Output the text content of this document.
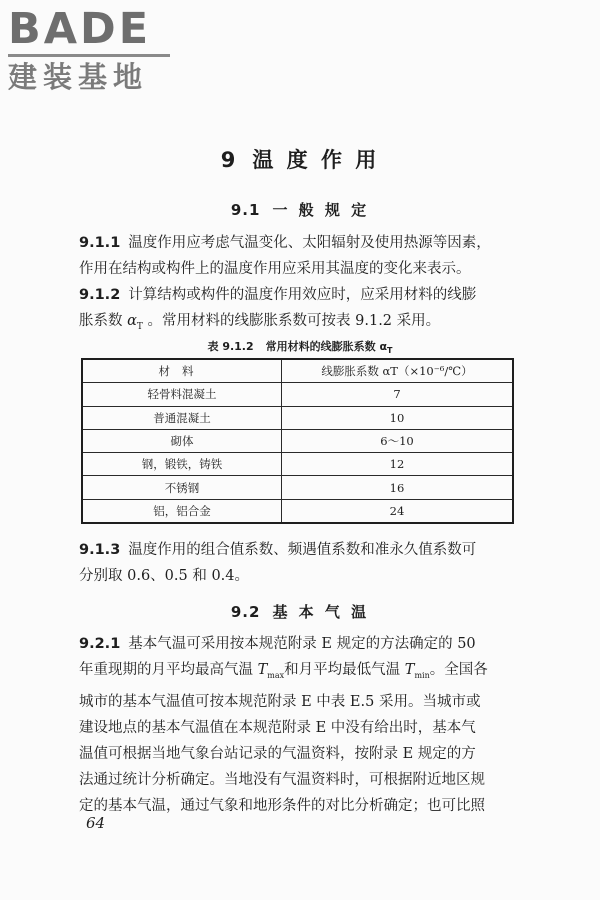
BADE
建装基地
9 温 度 作 用
9.1 一 般 规 定
9.1.1 温度作用应考虑气温变化、太阳辐射及使用热源等因素，
作用在结构或构件上的温度作用应采用其温度的变化来表示。
9.1.2 计算结构或构件的温度作用效应时，应采用材料的线膨
胀系数 $\alpha_T$ 。常用材料的线膨胀系数可按表 9.1.2 采用。
表 9.1.2 常用材料的线膨胀系数 $\alpha_T$
材料	线膨胀系数 αT（×10⁻⁶/℃）
轻骨料混凝土	7
普通混凝土	10
砌体	6～10
钢，锻铁，铸铁	12
不锈钢	16
铝，铝合金	24
9.1.3 温度作用的组合值系数、频遇值系数和准永久值系数可
分别取 0.6、0.5 和 0.4。
9.2 基 本 气 温
9.2.1 基本气温可采用按本规范附录 E 规定的方法确定的 50
年重现期的月平均最高气温 $T_{max}$和月平均最低气温 $T_{min}$。全国各
城市的基本气温值可按本规范附录 E 中表 E.5 采用。当城市或
建设地点的基本气温值在本规范附录 E 中没有给出时，基本气
温值可根据当地气象台站记录的气温资料，按附录 E 规定的方
法通过统计分析确定。当地没有气温资料时，可根据附近地区规
定的基本气温，通过气象和地形条件的对比分析确定；也可比照
64
